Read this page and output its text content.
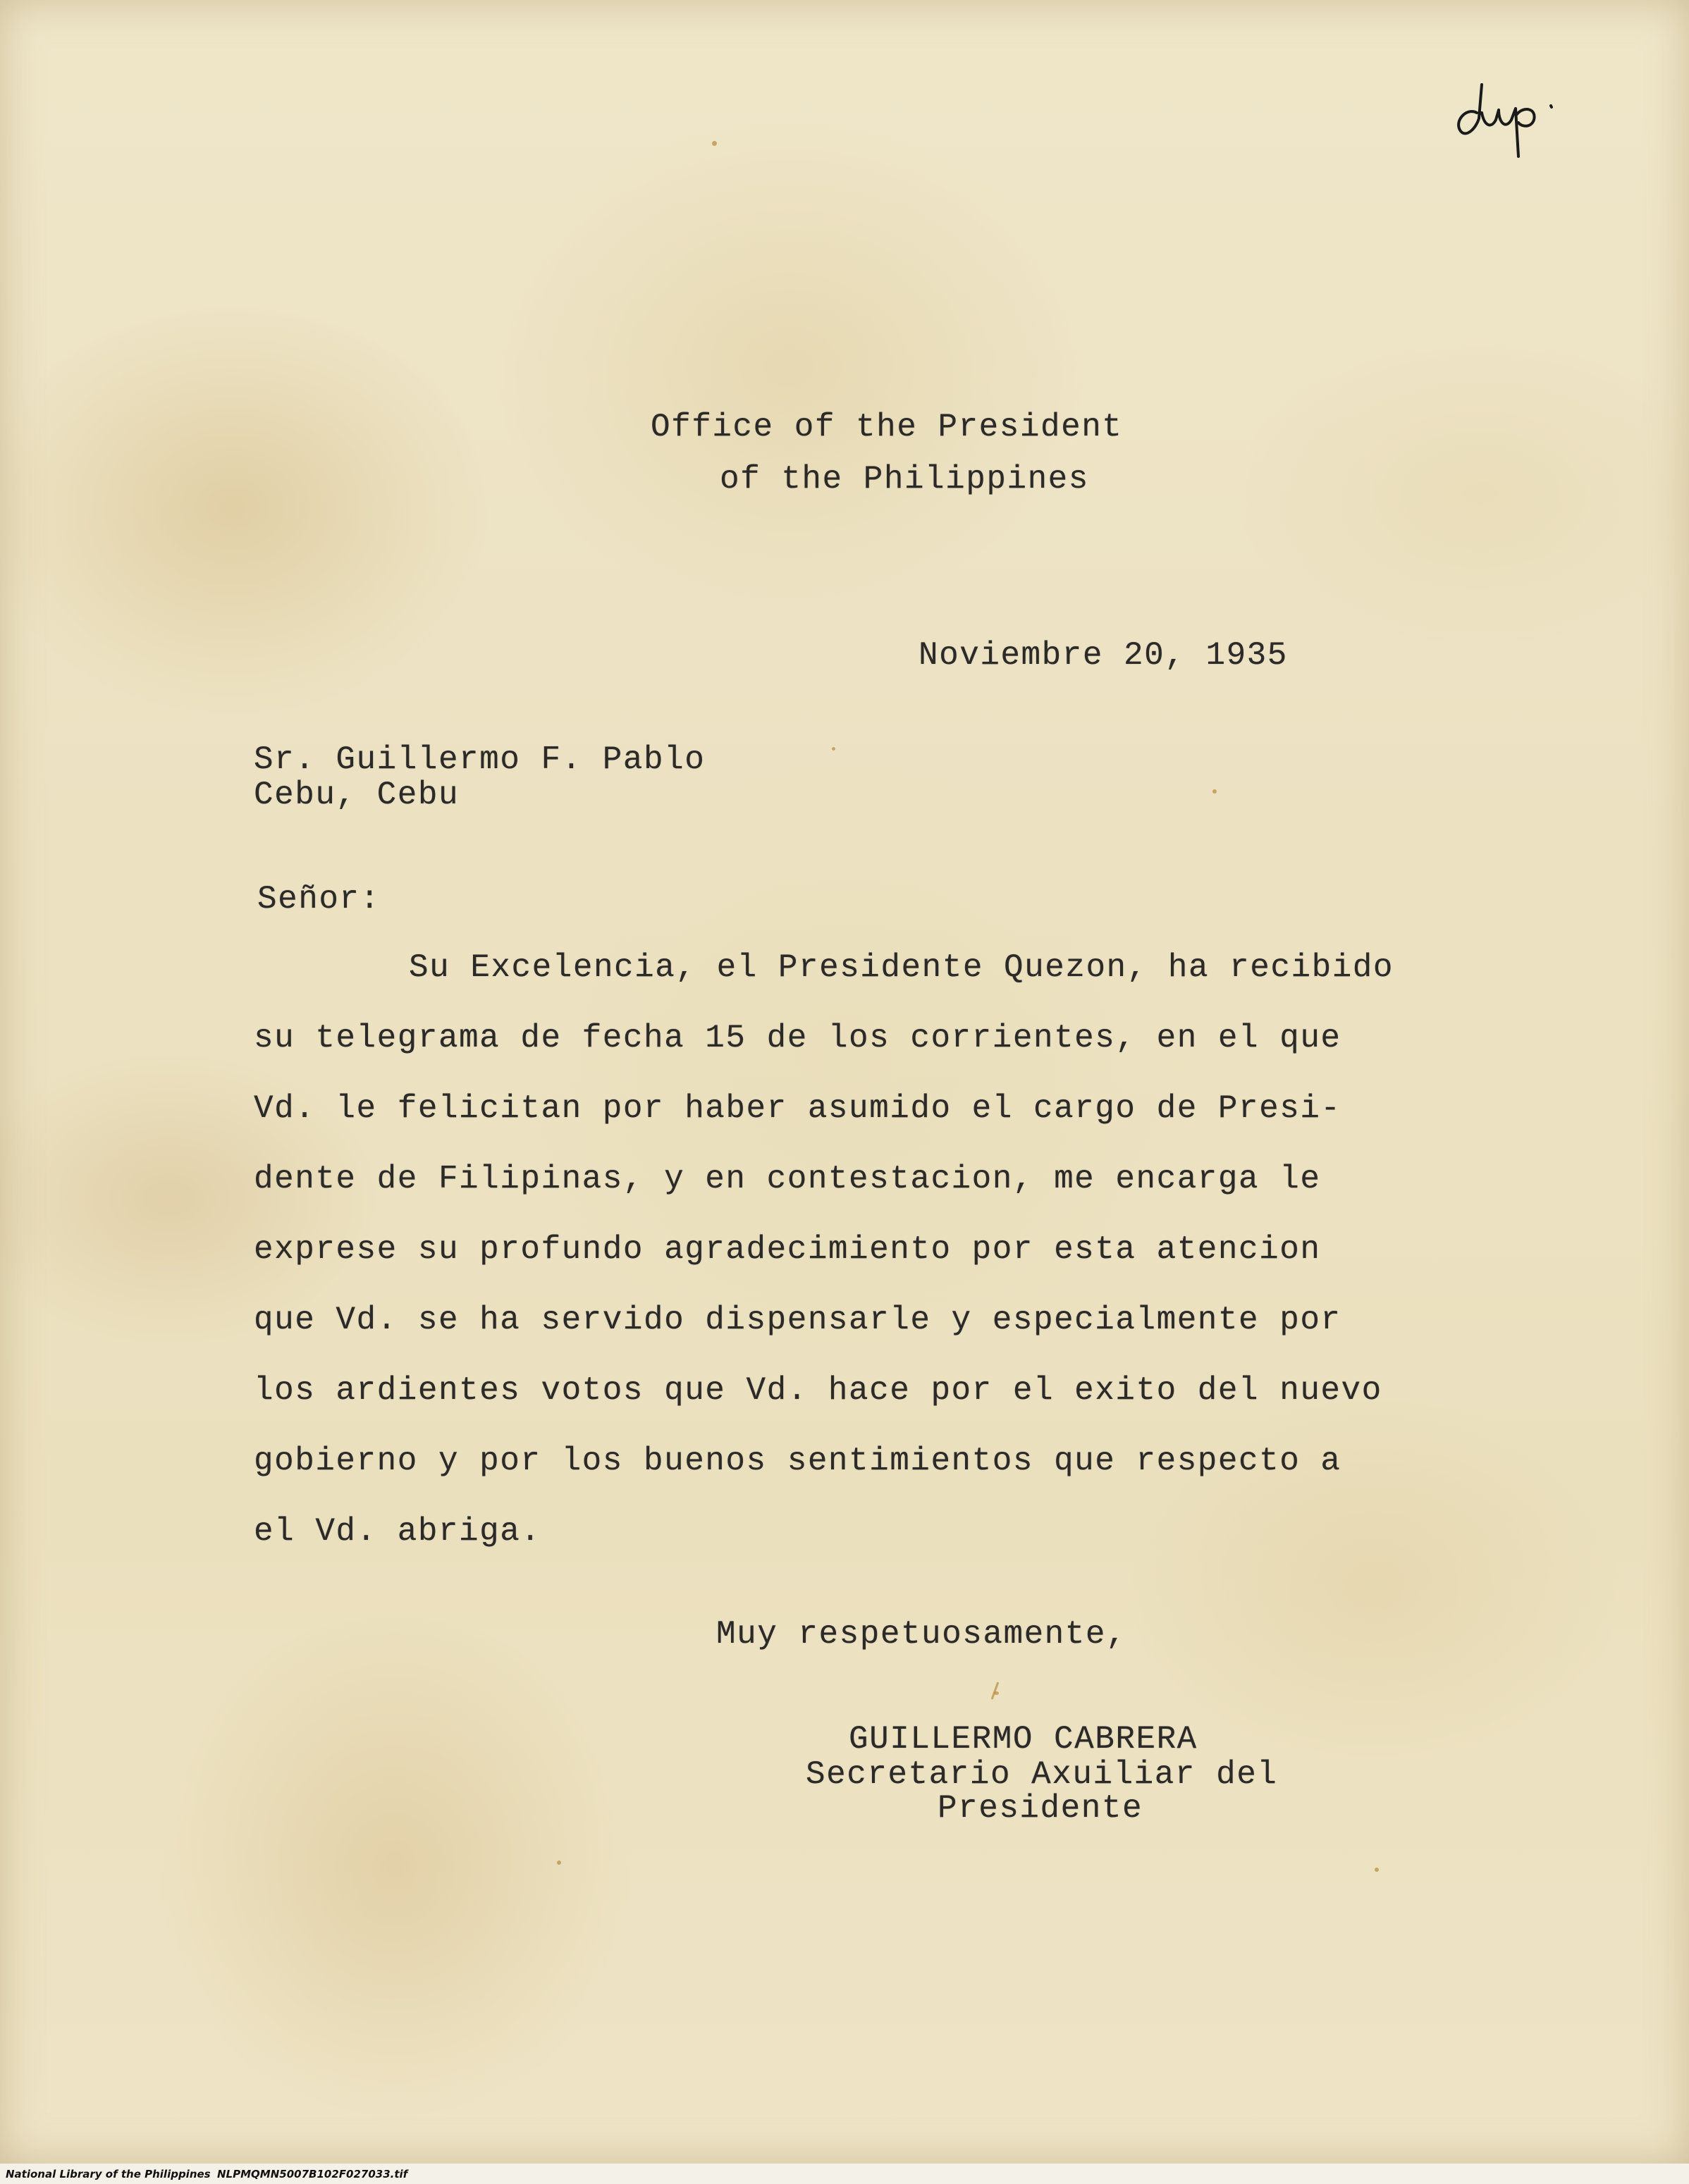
Office of the President
of the Philippines
Noviembre 20, 1935
Sr. Guillermo F. Pablo
Cebu, Cebu
Señor:
Su Excelencia, el Presidente Quezon, ha recibido
su telegrama de fecha 15 de los corrientes, en el que
Vd. le felicitan por haber asumido el cargo de Presi-
dente de Filipinas, y en contestacion, me encarga le
exprese su profundo agradecimiento por esta atencion
que Vd. se ha servido dispensarle y especialmente por
los ardientes votos que Vd. hace por el exito del nuevo
gobierno y por los buenos sentimientos que respecto a
el Vd. abriga.
Muy respetuosamente,
GUILLERMO CABRERA
Secretario Axuiliar del
Presidente
National Library of the Philippines NLPMQMN5007B102F027033.tif
